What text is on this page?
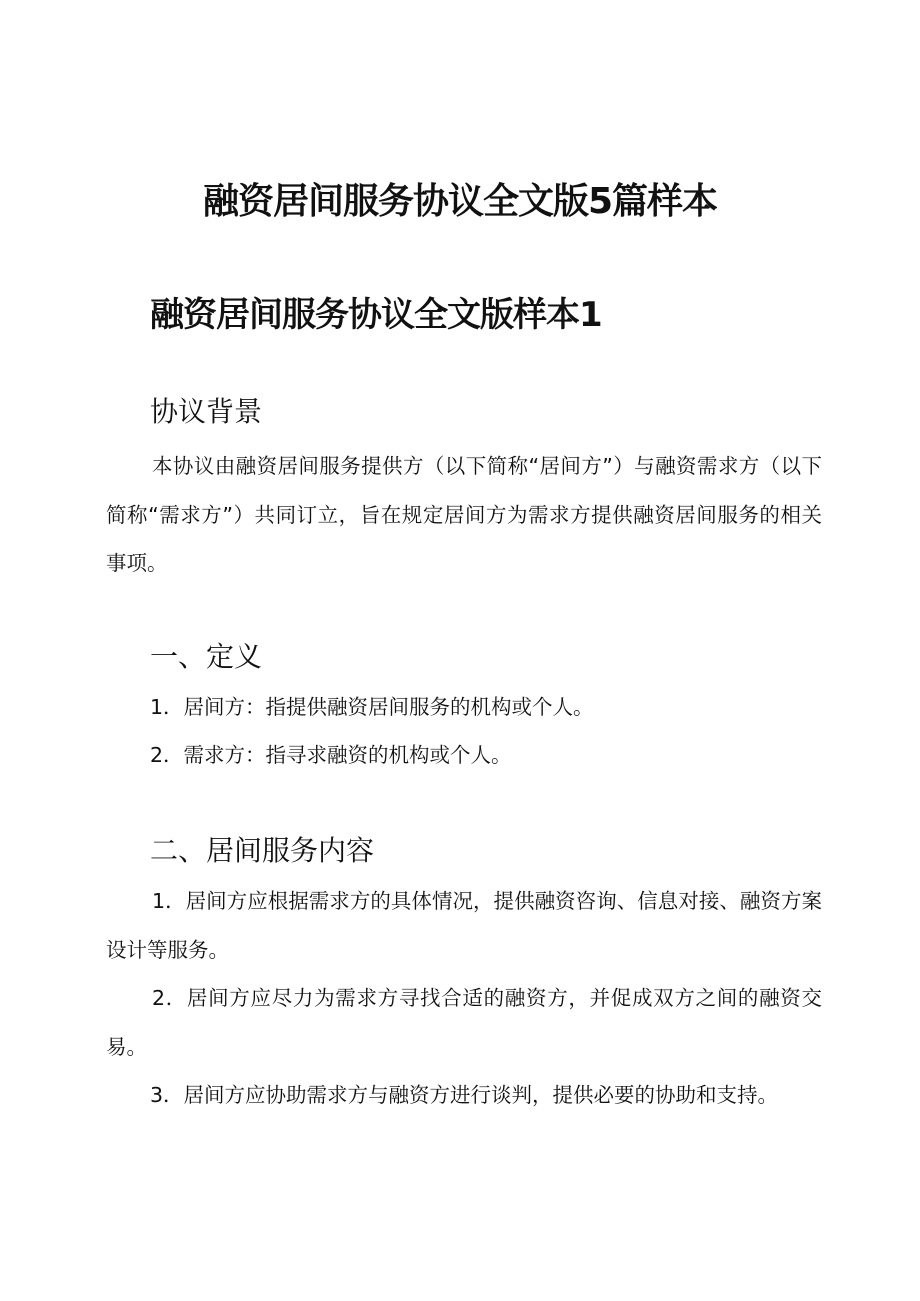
融资居间服务协议全文版5篇样本
融资居间服务协议全文版样本1
协议背景

本协议由融资居间服务提供方（以下简称“居间方”）与融资需求方（以下简称“需求方”）共同订立，旨在规定居间方为需求方提供融资居间服务的相关事项。

一、定义
1．居间方：指提供融资居间服务的机构或个人。
2．需求方：指寻求融资的机构或个人。
二、居间服务内容

1．居间方应根据需求方的具体情况，提供融资咨询、信息对接、融资方案设计等服务。

2．居间方应尽力为需求方寻找合适的融资方，并促成双方之间的融资交易。

3．居间方应协助需求方与融资方进行谈判，提供必要的协助和支持。
